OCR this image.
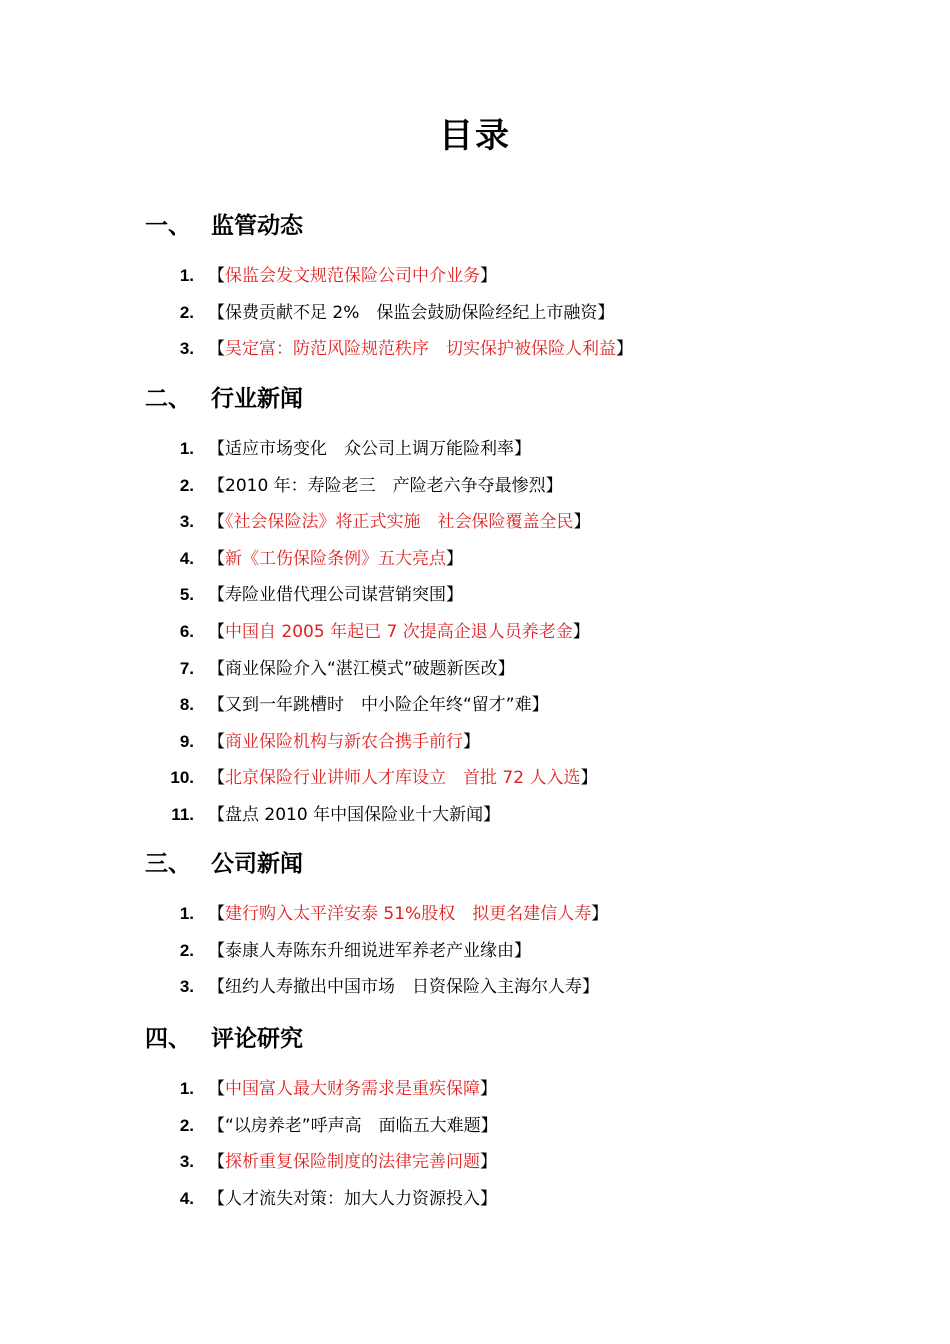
目录
一、 监管动态
1. 【保监会发文规范保险公司中介业务】
2. 【保费贡献不足 2%　保监会鼓励保险经纪上市融资】
3. 【吴定富：防范风险规范秩序　切实保护被保险人利益】
二、 行业新闻
1. 【适应市场变化　众公司上调万能险利率】
2. 【2010 年：寿险老三　产险老六争夺最惨烈】
3. 【《社会保险法》将正式实施　社会保险覆盖全民】
4. 【新《工伤保险条例》五大亮点】
5. 【寿险业借代理公司谋营销突围】
6. 【中国自 2005 年起已 7 次提高企退人员养老金】
7. 【商业保险介入“湛江模式”破题新医改】
8. 【又到一年跳槽时　中小险企年终“留才”难】
9. 【商业保险机构与新农合携手前行】
10. 【北京保险行业讲师人才库设立　首批 72 人入选】
11. 【盘点 2010 年中国保险业十大新闻】
三、 公司新闻
1. 【建行购入太平洋安泰 51%股权　拟更名建信人寿】
2. 【泰康人寿陈东升细说进军养老产业缘由】
3. 【纽约人寿撤出中国市场　日资保险入主海尔人寿】
四、 评论研究
1. 【中国富人最大财务需求是重疾保障】
2. 【“以房养老”呼声高　面临五大难题】
3. 【探析重复保险制度的法律完善问题】
4. 【人才流失对策：加大人力资源投入】
